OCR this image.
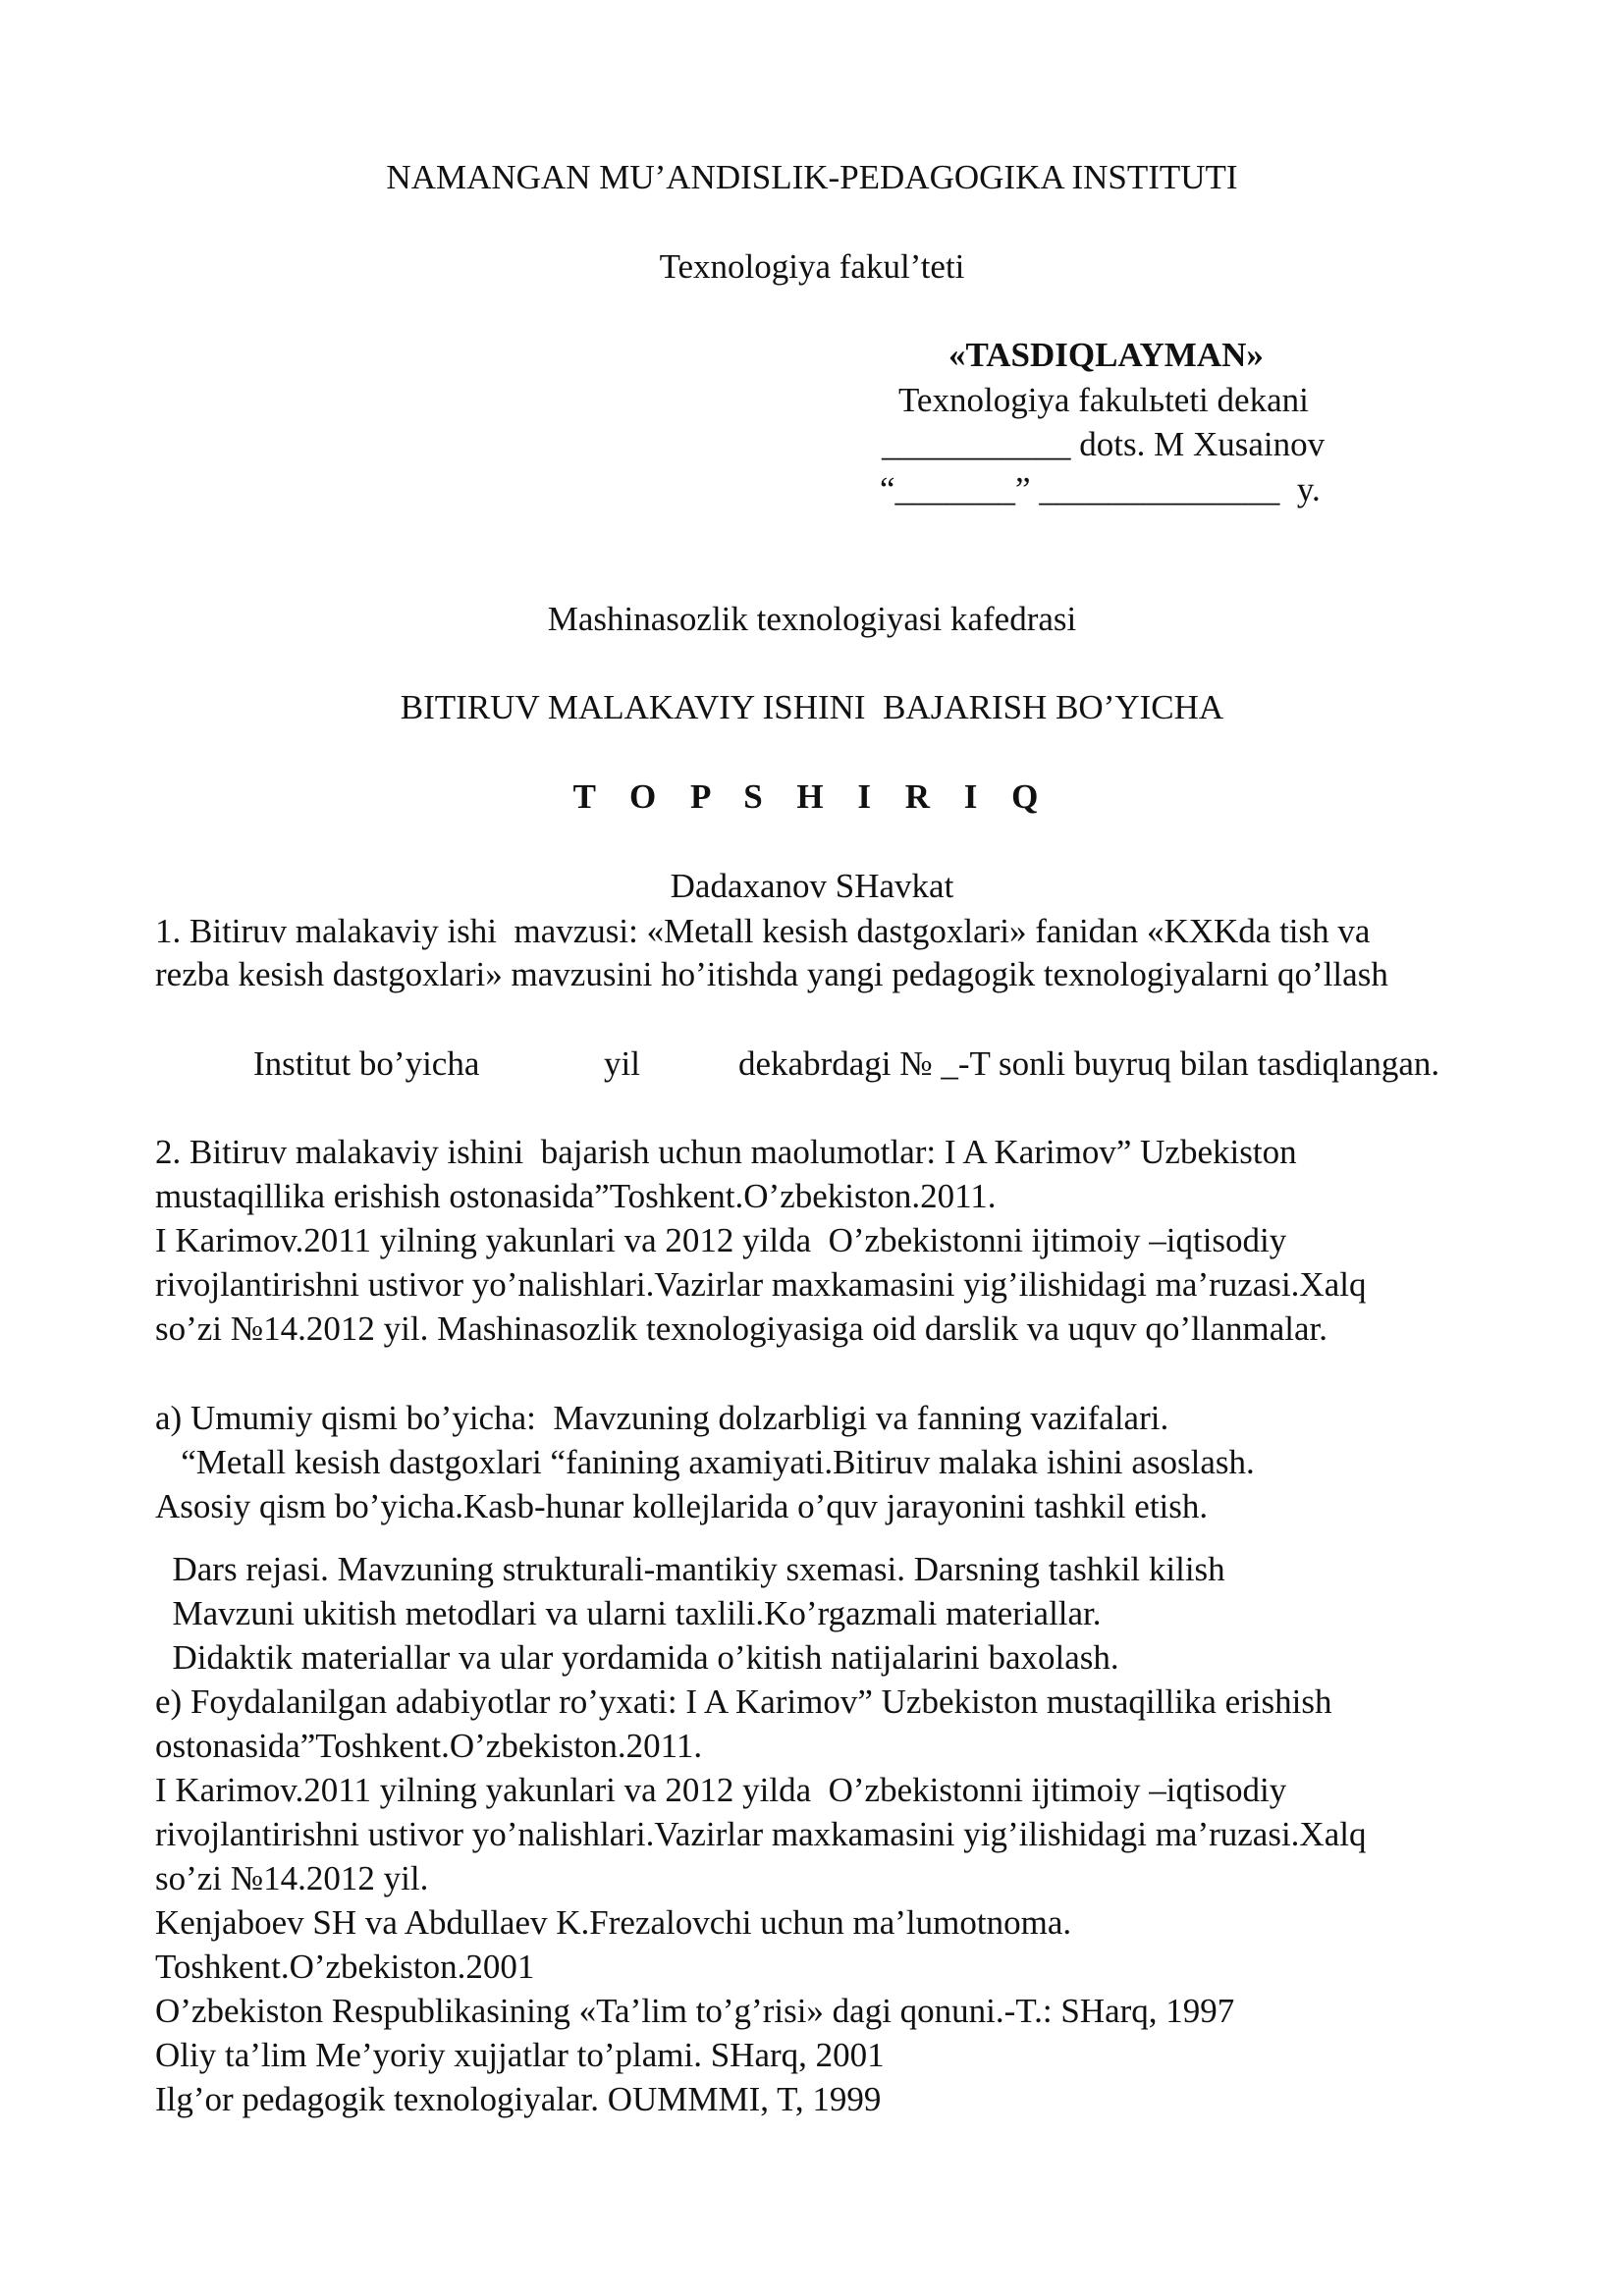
NAMANGAN MU’ANDISLIK-PEDAGOGIKA INSTITUTI
Texnologiya fakul’teti
«TASDIQLAYMAN»
Texnologiya fakulьteti dekani
___________ dots. M Xusainov
“_______” ______________  y.
Mashinasozlik texnologiyasi kafedrasi
BITIRUV MALAKAVIY ISHINI  BAJARISH BO’YICHA
T O P S H I R I Q
Dadaxanov SHavkat
1. Bitiruv malakaviy ishi  mavzusi: «Metall kesish dastgoxlari» fanidan «KXKda tish va
rezba kesish dastgoxlari» mavzusini ho’itishda yangi pedagogik texnologiyalarni qo’llash
Institut bo’yicha	yil	dekabrdagi № _-T sonli buyruq bilan tasdiqlangan.
2. Bitiruv malakaviy ishini  bajarish uchun maolumotlar: I A Karimov” Uzbekiston
mustaqillika erishish ostonasida”Toshkent.O’zbekiston.2011.
I Karimov.2011 yilning yakunlari va 2012 yilda  O’zbekistonni ijtimoiy –iqtisodiy
rivojlantirishni ustivor yo’nalishlari.Vazirlar maxkamasini yig’ilishidagi ma’ruzasi.Xalq
so’zi №14.2012 yil. Mashinasozlik texnologiyasiga oid darslik va uquv qo’llanmalar.
a) Umumiy qismi bo’yicha:  Mavzuning dolzarbligi va fanning vazifalari.
“Metall kesish dastgoxlari “fanining axamiyati.Bitiruv malaka ishini asoslash.
Asosiy qism bo’yicha.Kasb-hunar kollejlarida o’quv jarayonini tashkil etish.
Dars rejasi. Mavzuning strukturali-mantikiy sxemasi. Darsning tashkil kilish
Mavzuni ukitish metodlari va ularni taxlili.Ko’rgazmali materiallar.
Didaktik materiallar va ular yordamida o’kitish natijalarini baxolash.
e) Foydalanilgan adabiyotlar ro’yxati: I A Karimov” Uzbekiston mustaqillika erishish
ostonasida”Toshkent.O’zbekiston.2011.
I Karimov.2011 yilning yakunlari va 2012 yilda  O’zbekistonni ijtimoiy –iqtisodiy
rivojlantirishni ustivor yo’nalishlari.Vazirlar maxkamasini yig’ilishidagi ma’ruzasi.Xalq
so’zi №14.2012 yil.
Kenjaboev SH va Abdullaev K.Frezalovchi uchun ma’lumotnoma.
Toshkent.O’zbekiston.2001
O’zbekiston Respublikasining «Ta’lim to’g’risi» dagi qonuni.-T.: SHarq, 1997
Oliy ta’lim Me’yoriy xujjatlar to’plami. SHarq, 2001
Ilg’or pedagogik texnologiyalar. OUMMMI, T, 1999
